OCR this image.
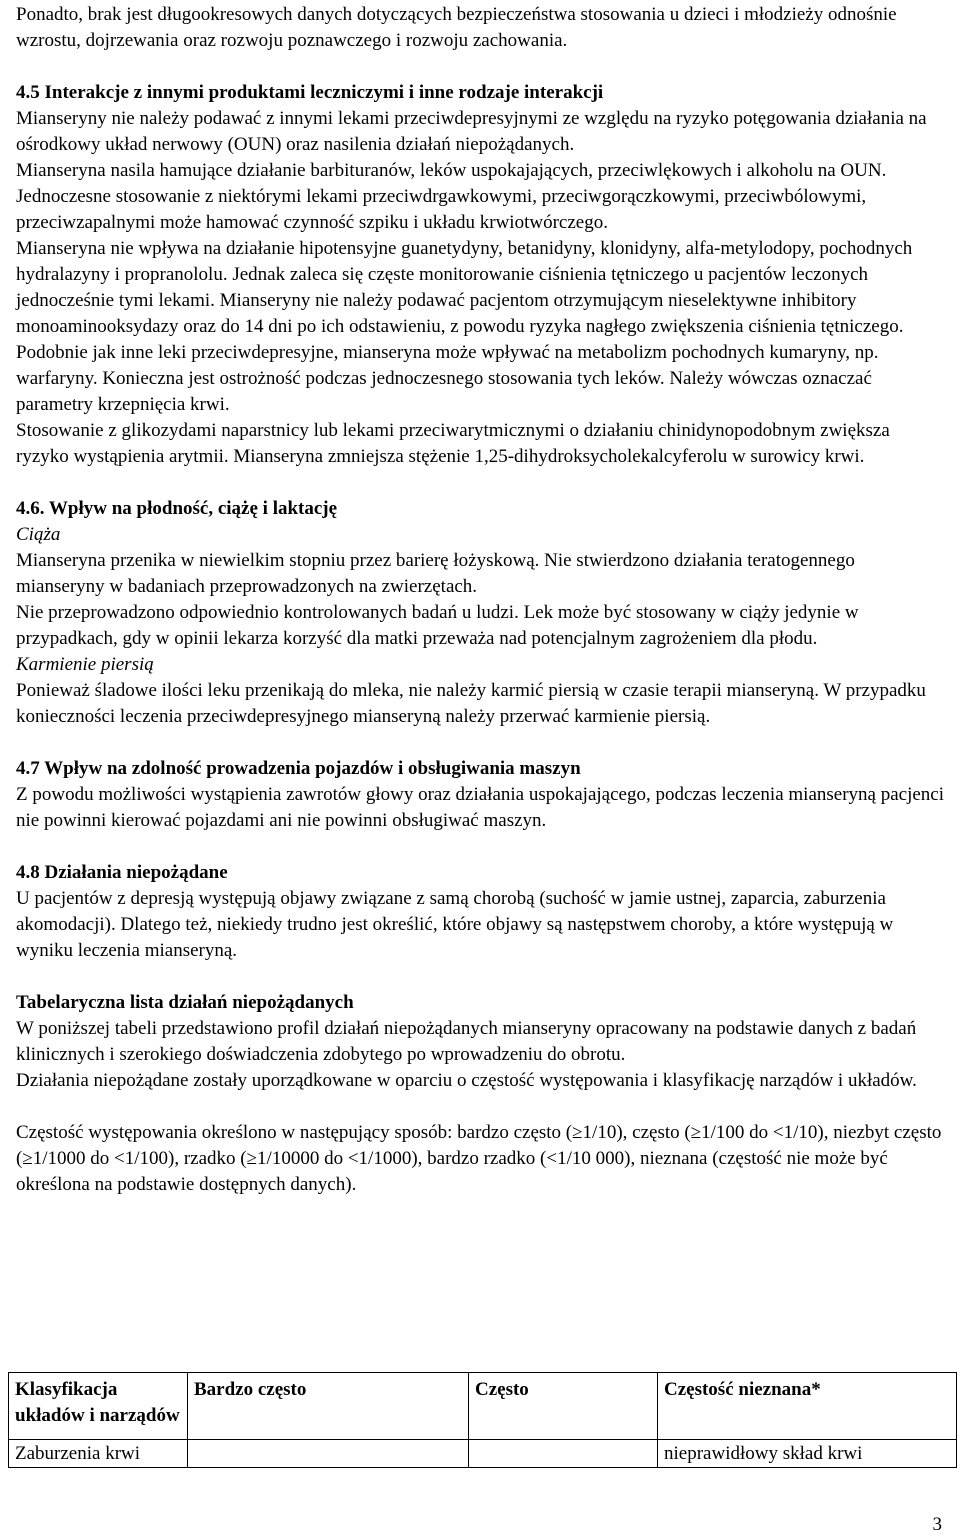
Ponadto, brak jest długookresowych danych dotyczących bezpieczeństwa stosowania u dzieci i młodzieży odnośnie wzrostu, dojrzewania oraz rozwoju poznawczego i rozwoju zachowania.

4.5 Interakcje z innymi produktami leczniczymi i inne rodzaje interakcji

Mianseryny nie należy podawać z innymi lekami przeciwdepresyjnymi ze względu na ryzyko potęgowania działania na ośrodkowy układ nerwowy (OUN) oraz nasilenia działań niepożądanych.

Mianseryna nasila hamujące działanie barbituranów, leków uspokajających, przeciwlękowych i alkoholu na OUN.

Jednoczesne stosowanie z niektórymi lekami przeciwdrgawkowymi, przeciwgorączkowymi, przeciwbólowymi, przeciwzapalnymi może hamować czynność szpiku i układu krwiotwórczego.

Mianseryna nie wpływa na działanie hipotensyjne guanetydyny, betanidyny, klonidyny, alfa-metylodopy, pochodnych hydralazyny i propranololu. Jednak zaleca się częste monitorowanie ciśnienia tętniczego u pacjentów leczonych jednocześnie tymi lekami. Mianseryny nie należy podawać pacjentom otrzymującym nieselektywne inhibitory monoaminooksydazy oraz do 14 dni po ich odstawieniu, z powodu ryzyka nagłego zwiększenia ciśnienia tętniczego.

Podobnie jak inne leki przeciwdepresyjne, mianseryna może wpływać na metabolizm pochodnych kumaryny, np. warfaryny. Konieczna jest ostrożność podczas jednoczesnego stosowania tych leków. Należy wówczas oznaczać parametry krzepnięcia krwi.

Stosowanie z glikozydami naparstnicy lub lekami przeciwarytmicznymi o działaniu chinidynopodobnym zwiększa ryzyko wystąpienia arytmii. Mianseryna zmniejsza stężenie 1,25-dihydroksycholekalcyferolu w surowicy krwi.

4.6. Wpływ na płodność, ciążę i laktację
Ciąża

Mianseryna przenika w niewielkim stopniu przez barierę łożyskową. Nie stwierdzono działania teratogennego mianseryny w badaniach przeprowadzonych na zwierzętach.

Nie przeprowadzono odpowiednio kontrolowanych badań u ludzi. Lek może być stosowany w ciąży jedynie w przypadkach, gdy w opinii lekarza korzyść dla matki przeważa nad potencjalnym zagrożeniem dla płodu.

Karmienie piersią

Ponieważ śladowe ilości leku przenikają do mleka, nie należy karmić piersią w czasie terapii mianseryną. W przypadku konieczności leczenia przeciwdepresyjnego mianseryną należy przerwać karmienie piersią.

4.7 Wpływ na zdolność prowadzenia pojazdów i obsługiwania maszyn

Z powodu możliwości wystąpienia zawrotów głowy oraz działania uspokajającego, podczas leczenia mianseryną pacjenci nie powinni kierować pojazdami ani nie powinni obsługiwać maszyn.

4.8 Działania niepożądane

U pacjentów z depresją występują objawy związane z samą chorobą (suchość w jamie ustnej, zaparcia, zaburzenia akomodacji). Dlatego też, niekiedy trudno jest określić, które objawy są następstwem choroby, a które występują w wyniku leczenia mianseryną.

Tabelaryczna lista działań niepożądanych

W poniższej tabeli przedstawiono profil działań niepożądanych mianseryny opracowany na podstawie danych z badań klinicznych i szerokiego doświadczenia zdobytego po wprowadzeniu do obrotu.

Działania niepożądane zostały uporządkowane w oparciu o częstość występowania i klasyfikację narządów i układów.

Częstość występowania określono w następujący sposób: bardzo często (≥1/10), często (≥1/100 do <1/10), niezbyt często (≥1/1000 do <1/100), rzadko (≥1/10000 do <1/1000), bardzo rzadko (<1/10 000), nieznana (częstość nie może być określona na podstawie dostępnych danych).

Klasyfikacja układów i narządów	Bardzo często	Często	Częstość nieznana*
Zaburzenia krwi			nieprawidłowy skład krwi
3
